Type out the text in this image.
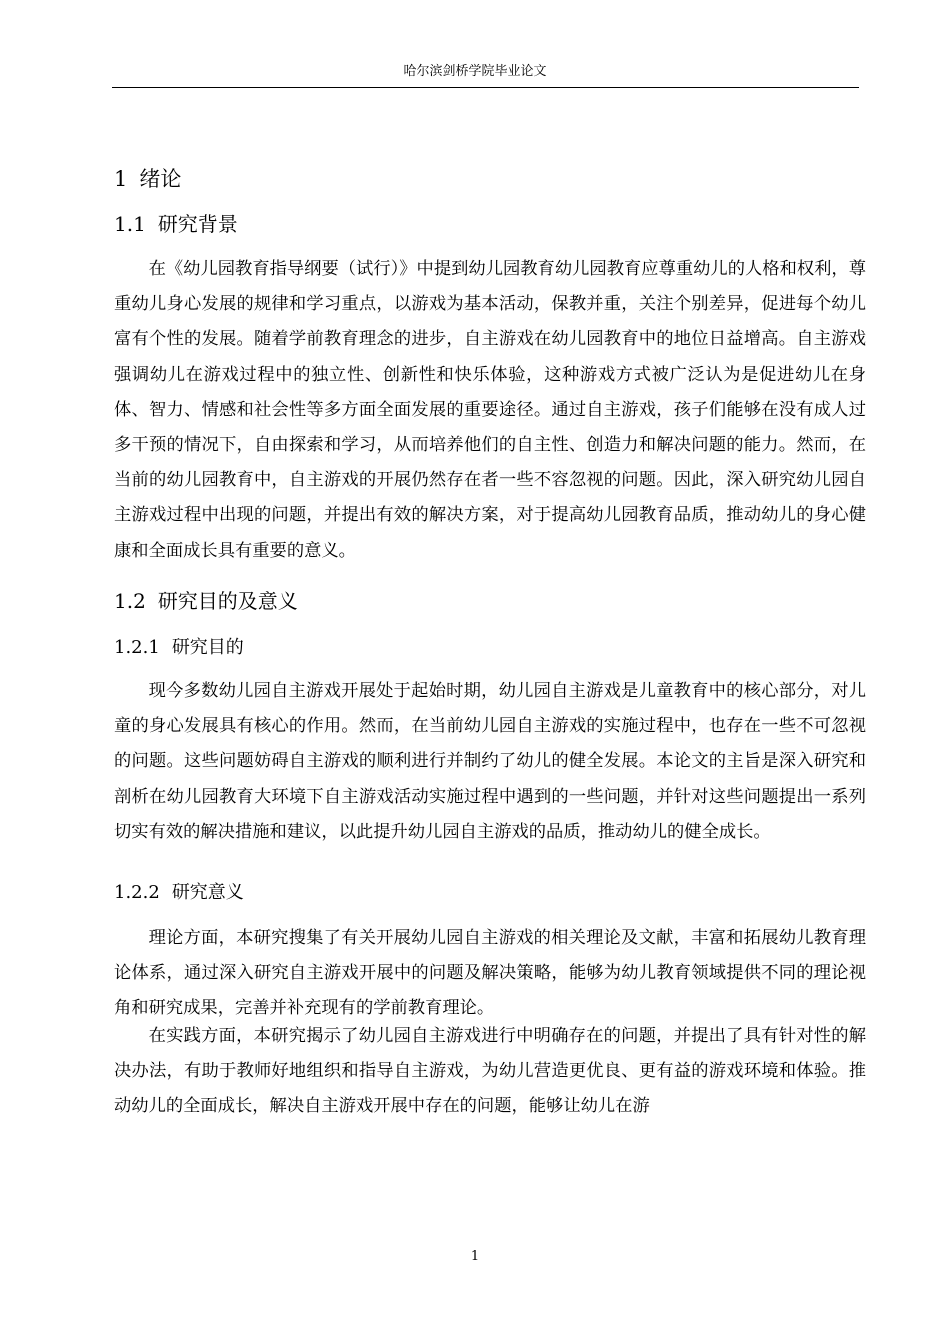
哈尔滨剑桥学院毕业论文
1 绪论
1.1 研究背景

在《幼儿园教育指导纲要（试行）》中提到幼儿园教育幼儿园教育应尊重幼儿的人格和权利，尊重幼儿身心发展的规律和学习重点，以游戏为基本活动，保教并重，关注个别差异，促进每个幼儿富有个性的发展。随着学前教育理念的进步，自主游戏在幼儿园教育中的地位日益增高。自主游戏强调幼儿在游戏过程中的独立性、创新性和快乐体验，这种游戏方式被广泛认为是促进幼儿在身体、智力、情感和社会性等多方面全面发展的重要途径。通过自主游戏，孩子们能够在没有成人过多干预的情况下，自由探索和学习，从而培养他们的自主性、创造力和解决问题的能力。然而，在当前的幼儿园教育中，自主游戏的开展仍然存在者一些不容忽视的问题。因此，深入研究幼儿园自主游戏过程中出现的问题，并提出有效的解决方案，对于提高幼儿园教育品质，推动幼儿的身心健康和全面成长具有重要的意义。

1.2 研究目的及意义
1.2.1 研究目的

现今多数幼儿园自主游戏开展处于起始时期，幼儿园自主游戏是儿童教育中的核心部分，对儿童的身心发展具有核心的作用。然而，在当前幼儿园自主游戏的实施过程中，也存在一些不可忽视的问题。这些问题妨碍自主游戏的顺利进行并制约了幼儿的健全发展。本论文的主旨是深入研究和剖析在幼儿园教育大环境下自主游戏活动实施过程中遇到的一些问题，并针对这些问题提出一系列切实有效的解决措施和建议，以此提升幼儿园自主游戏的品质，推动幼儿的健全成长。

1.2.2 研究意义

理论方面，本研究搜集了有关开展幼儿园自主游戏的相关理论及文献，丰富和拓展幼儿教育理论体系，通过深入研究自主游戏开展中的问题及解决策略，能够为幼儿教育领域提供不同的理论视角和研究成果，完善并补充现有的学前教育理论。

在实践方面，本研究揭示了幼儿园自主游戏进行中明确存在的问题，并提出了具有针对性的解决办法，有助于教师好地组织和指导自主游戏，为幼儿营造更优良、更有益的游戏环境和体验。推动幼儿的全面成长，解决自主游戏开展中存在的问题，能够让幼儿在游

1
